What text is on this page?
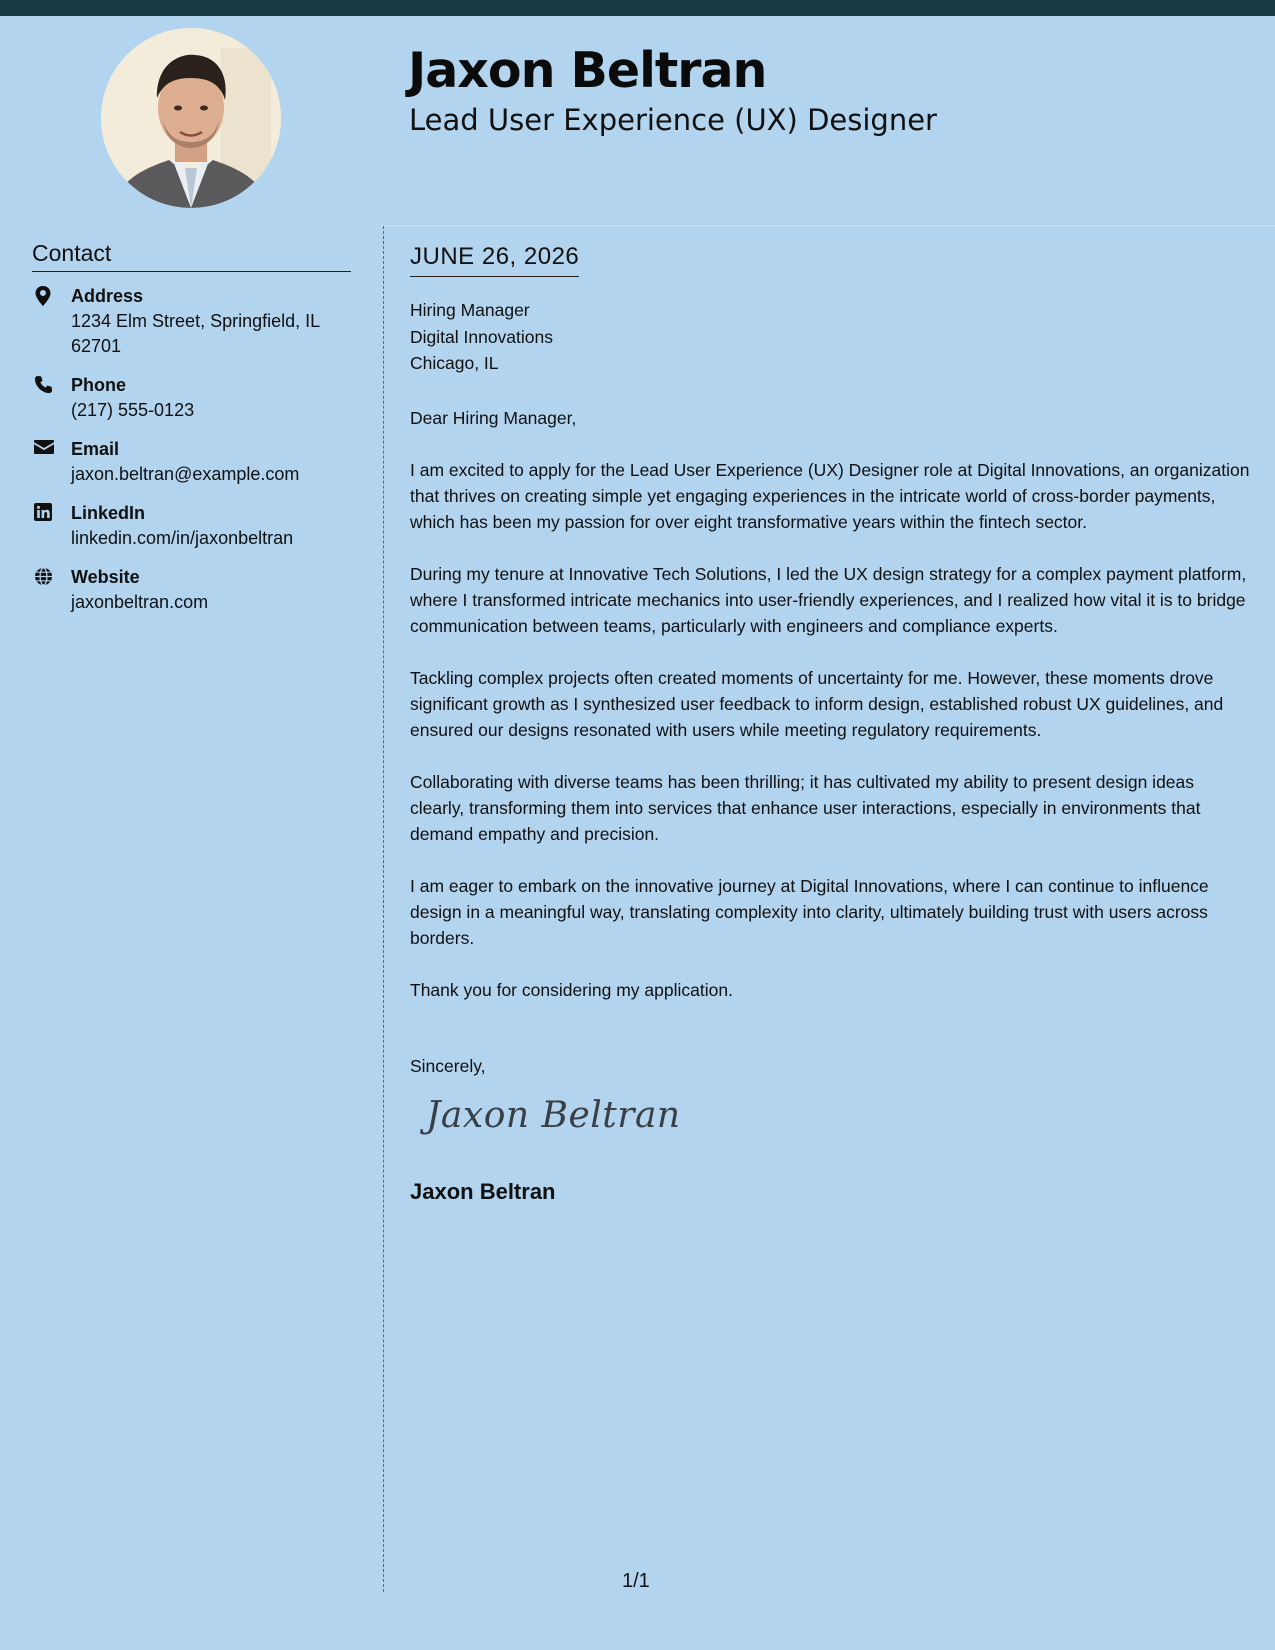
Jaxon Beltran
Lead User Experience (UX) Designer
Contact
Address
1234 Elm Street, Springfield, IL 62701
Phone
(217) 555-0123
Email
jaxon.beltran@example.com
LinkedIn
linkedin.com/in/jaxonbeltran
Website
jaxonbeltran.com
JUNE 26, 2026
Hiring Manager
Digital Innovations
Chicago, IL
Dear Hiring Manager,
I am excited to apply for the Lead User Experience (UX) Designer role at Digital Innovations, an organization that thrives on creating simple yet engaging experiences in the intricate world of cross-border payments, which has been my passion for over eight transformative years within the fintech sector.
During my tenure at Innovative Tech Solutions, I led the UX design strategy for a complex payment platform, where I transformed intricate mechanics into user-friendly experiences, and I realized how vital it is to bridge communication between teams, particularly with engineers and compliance experts.
Tackling complex projects often created moments of uncertainty for me. However, these moments drove significant growth as I synthesized user feedback to inform design, established robust UX guidelines, and ensured our designs resonated with users while meeting regulatory requirements.
Collaborating with diverse teams has been thrilling; it has cultivated my ability to present design ideas clearly, transforming them into services that enhance user interactions, especially in environments that demand empathy and precision.
I am eager to embark on the innovative journey at Digital Innovations, where I can continue to influence design in a meaningful way, translating complexity into clarity, ultimately building trust with users across borders.
Thank you for considering my application.
Sincerely,
Jaxon Beltran
Jaxon Beltran
1/1
